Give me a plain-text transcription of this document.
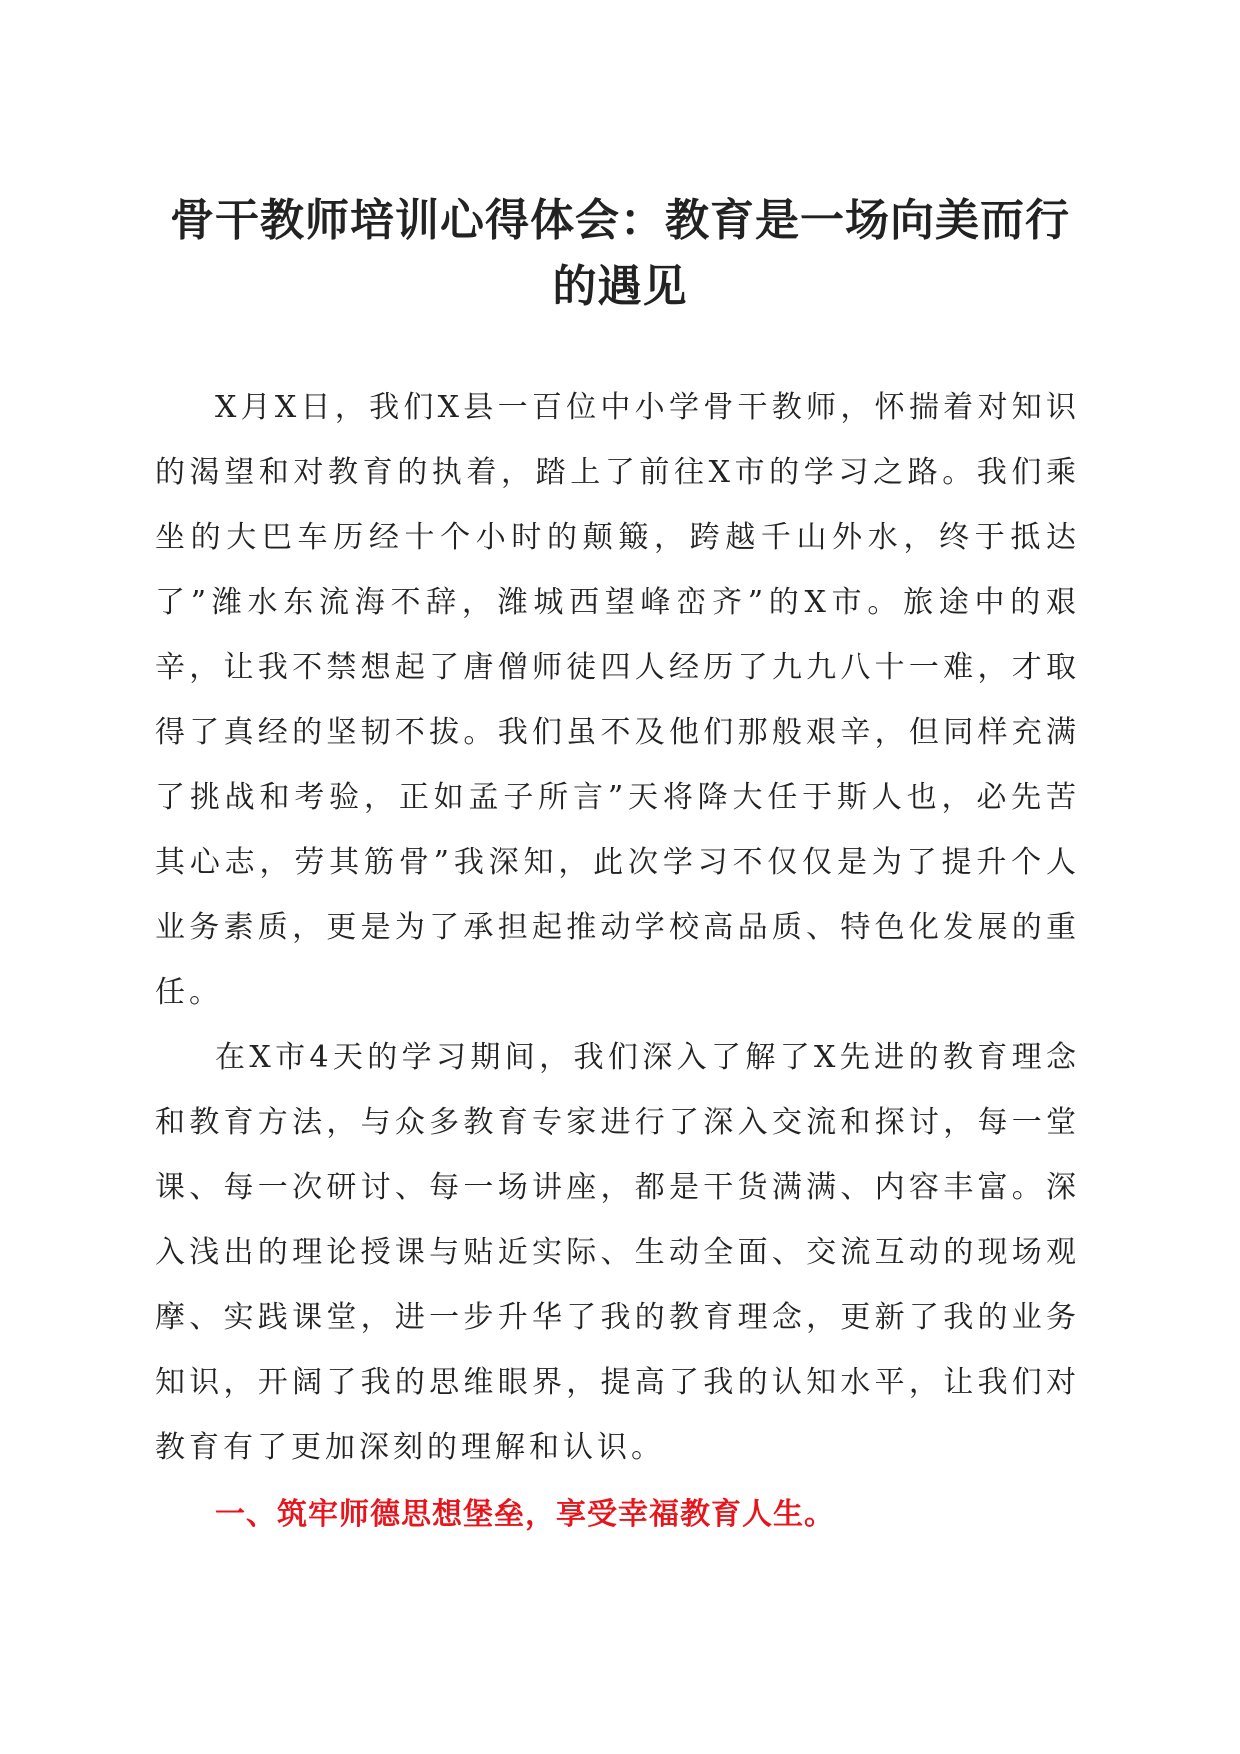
骨干教师培训心得体会：教育是一场向美而行的遇见

X月X日，我们X县一百位中小学骨干教师，怀揣着对知识的渴望和对教育的执着，踏上了前往X市的学习之路。我们乘坐的大巴车历经十个小时的颠簸，跨越千山外水，终于抵达了”潍水东流海不辞，潍城西望峰峦齐”的X市。旅途中的艰辛，让我不禁想起了唐僧师徒四人经历了九九八十一难，才取得了真经的坚韧不拔。我们虽不及他们那般艰辛，但同样充满了挑战和考验，正如孟子所言”天将降大任于斯人也，必先苦其心志，劳其筋骨”我深知，此次学习不仅仅是为了提升个人业务素质，更是为了承担起推动学校高品质、特色化发展的重任。

在X市4天的学习期间，我们深入了解了X先进的教育理念和教育方法，与众多教育专家进行了深入交流和探讨，每一堂课、每一次研讨、每一场讲座，都是干货满满、内容丰富。深入浅出的理论授课与贴近实际、生动全面、交流互动的现场观摩、实践课堂，进一步升华了我的教育理念，更新了我的业务知识，开阔了我的思维眼界，提高了我的认知水平，让我们对教育有了更加深刻的理解和认识。

一、筑牢师德思想堡垒，享受幸福教育人生。
